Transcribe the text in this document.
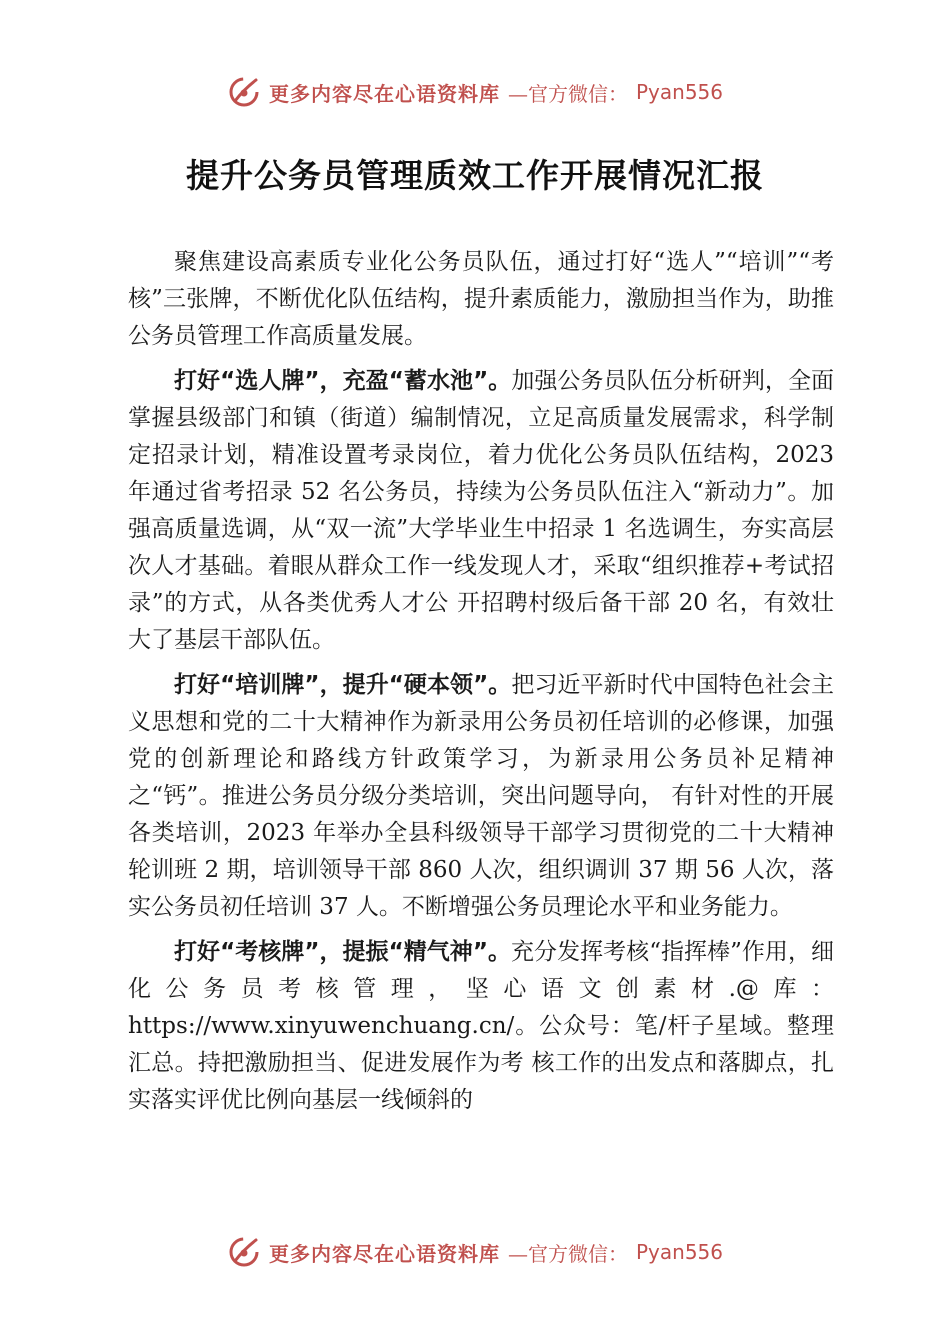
更多内容尽在心语资料库 —官方微信： Pyan556
提升公务员管理质效工作开展情况汇报

聚焦建设高素质专业化公务员队伍，通过打好“选人”“培训”“考核”三张牌，不断优化队伍结构，提升素质能力，激励担当作为，助推公务员管理工作高质量发展。

打好“选人牌”，充盈“蓄水池”。加强公务员队伍分析研判，全面掌握县级部门和镇（街道）编制情况，立足高质量发展需求，科学制定招录计划，精准设置考录岗位，着力优化公务员队伍结构，2023 年通过省考招录 52 名公务员，持续为公务员队伍注入“新动力”。加强高质量选调，从“双一流”大学毕业生中招录 1 名选调生，夯实高层次人才基础。着眼从群众工作一线发现人才，采取“组织推荐+考试招录”的方式，从各类优秀人才公 开招聘村级后备干部 20 名，有效壮大了基层干部队伍。

打好“培训牌”，提升“硬本领”。把习近平新时代中国特色社会主义思想和党的二十大精神作为新录用公务员初任培训的必修课，加强党的创新理论和路线方针政策学习，为新录用公务员补足精神之“钙”。推进公务员分级分类培训，突出问题导向， 有针对性的开展各类培训，2023 年举办全县科级领导干部学习贯彻党的二十大精神轮训班 2 期，培训领导干部 860 人次，组织调训 37 期 56 人次，落实公务员初任培训 37 人。不断增强公务员理论水平和业务能力。

打好“考核牌”，提振“精气神”。充分发挥考核“指挥棒”作用，细化公务员考核管理，坚心语文创素材.@库：https://www.xinyuwenchuang.cn/。公众号：笔/杆子星域。整理汇总。持把激励担当、促进发展作为考 核工作的出发点和落脚点，扎实落实评优比例向基层一线倾斜的

更多内容尽在心语资料库 —官方微信： Pyan556
